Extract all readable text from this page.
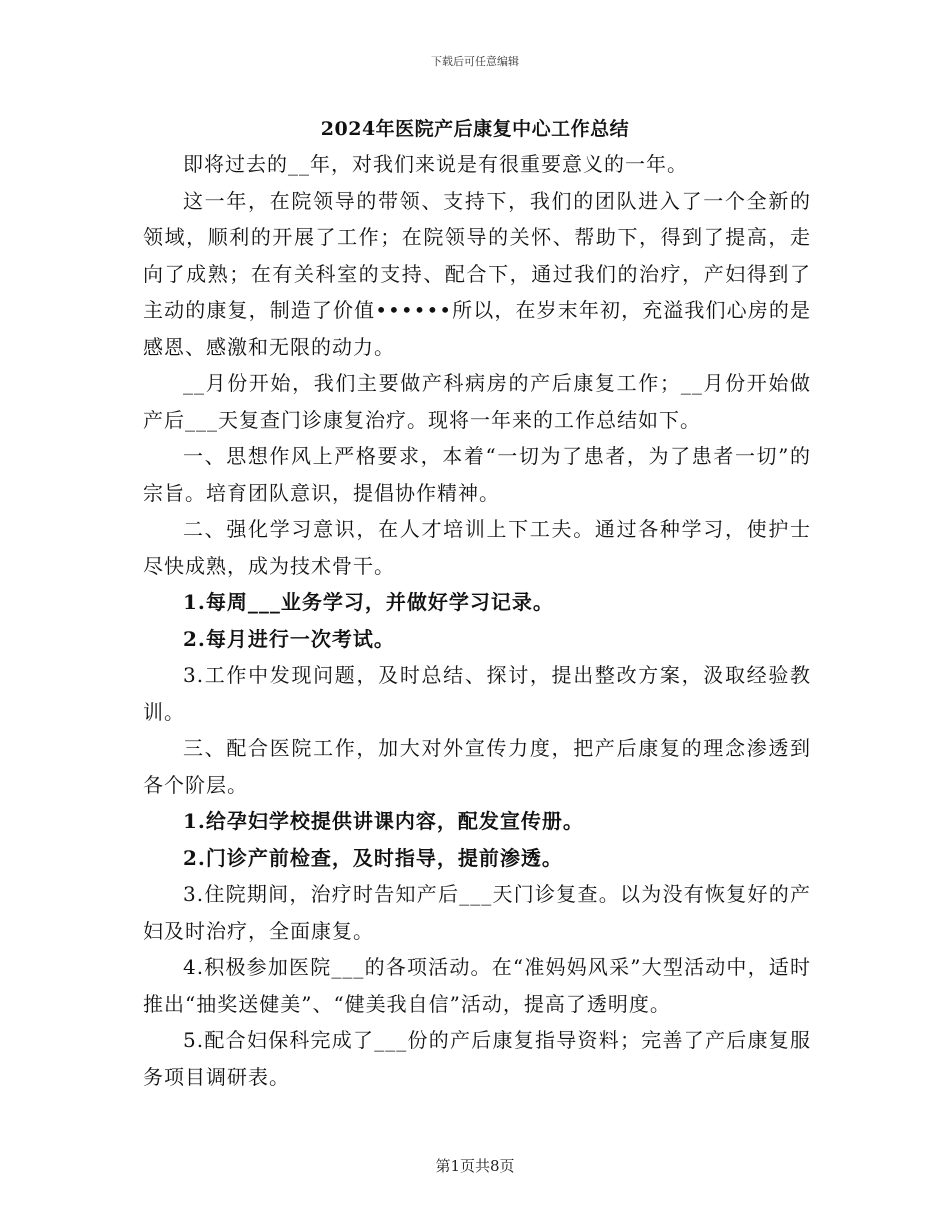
下载后可任意编辑
2024年医院产后康复中心工作总结

即将过去的__年，对我们来说是有很重要意义的一年。

这一年，在院领导的带领、支持下，我们的团队进入了一个全新的领域，顺利的开展了工作；在院领导的关怀、帮助下，得到了提高，走向了成熟；在有关科室的支持、配合下，通过我们的治疗，产妇得到了主动的康复，制造了价值••••••所以，在岁末年初，充溢我们心房的是感恩、感激和无限的动力。

__月份开始，我们主要做产科病房的产后康复工作；__月份开始做产后___天复查门诊康复治疗。现将一年来的工作总结如下。

一、思想作风上严格要求，本着“一切为了患者，为了患者一切”的宗旨。培育团队意识，提倡协作精神。

二、强化学习意识，在人才培训上下工夫。通过各种学习，使护士尽快成熟，成为技术骨干。

1.每周___业务学习，并做好学习记录。

2.每月进行一次考试。

3.工作中发现问题，及时总结、探讨，提出整改方案，汲取经验教训。

三、配合医院工作，加大对外宣传力度，把产后康复的理念渗透到各个阶层。

1.给孕妇学校提供讲课内容，配发宣传册。

2.门诊产前检查，及时指导，提前渗透。

3.住院期间，治疗时告知产后___天门诊复查。以为没有恢复好的产妇及时治疗，全面康复。

4.积极参加医院___的各项活动。在“准妈妈风采”大型活动中，适时推出“抽奖送健美”、“健美我自信”活动，提高了透明度。

5.配合妇保科完成了___份的产后康复指导资料；完善了产后康复服务项目调研表。

第1页共8页
